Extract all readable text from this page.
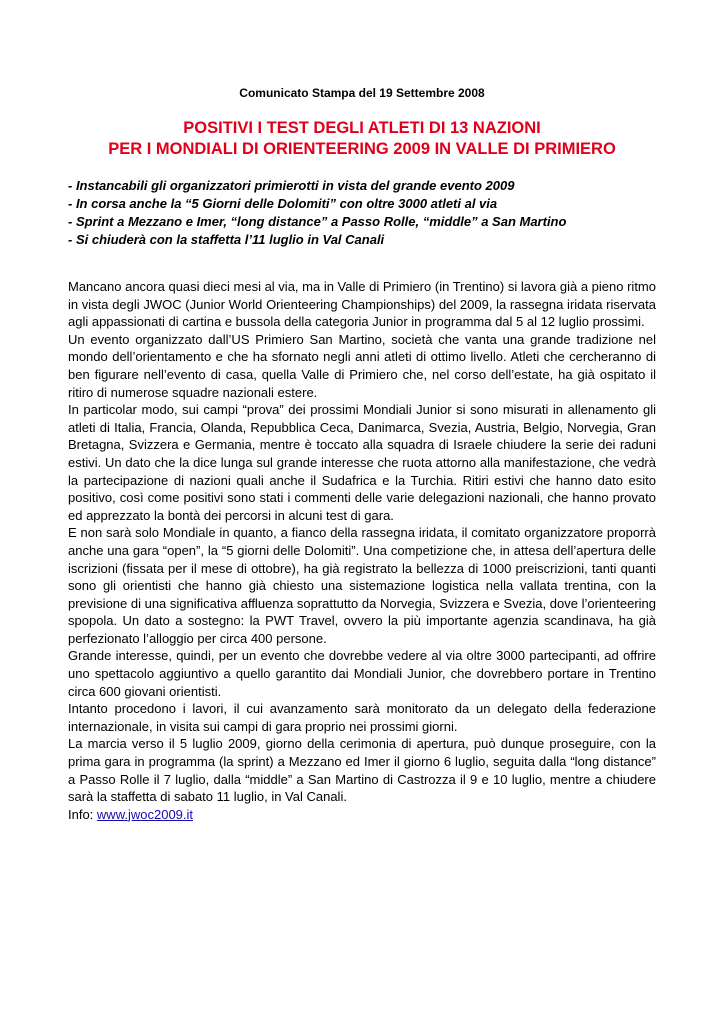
Comunicato Stampa del 19 Settembre 2008
POSITIVI I TEST DEGLI ATLETI DI 13 NAZIONI
PER I MONDIALI DI ORIENTEERING 2009 IN VALLE DI PRIMIERO
- Instancabili gli organizzatori primierotti in vista del grande evento 2009
- In corsa anche la “5 Giorni delle Dolomiti” con oltre 3000 atleti al via
- Sprint a Mezzano e Imer, “long distance” a Passo Rolle, “middle” a San Martino
- Si chiuderà con la staffetta l’11 luglio in Val Canali

Mancano ancora quasi dieci mesi al via, ma in Valle di Primiero (in Trentino) si lavora già a pieno ritmo in vista degli JWOC (Junior World Orienteering Championships) del 2009, la rassegna iridata riservata agli appassionati di cartina e bussola della categoria Junior in programma dal 5 al 12 luglio prossimi.

Un evento organizzato dall’US Primiero San Martino, società che vanta una grande tradizione nel mondo dell’orientamento e che ha sfornato negli anni atleti di ottimo livello. Atleti che cercheranno di ben figurare nell’evento di casa, quella Valle di Primiero che, nel corso dell’estate, ha già ospitato il ritiro di numerose squadre nazionali estere.

In particolar modo, sui campi “prova” dei prossimi Mondiali Junior si sono misurati in allenamento gli atleti di Italia, Francia, Olanda, Repubblica Ceca, Danimarca, Svezia, Austria, Belgio, Norvegia, Gran Bretagna, Svizzera e Germania, mentre è toccato alla squadra di Israele chiudere la serie dei raduni estivi. Un dato che la dice lunga sul grande interesse che ruota attorno alla manifestazione, che vedrà la partecipazione di nazioni quali anche il Sudafrica e la Turchia. Ritiri estivi che hanno dato esito positivo, così come positivi sono stati i commenti delle varie delegazioni nazionali, che hanno provato ed apprezzato la bontà dei percorsi in alcuni test di gara.

E non sarà solo Mondiale in quanto, a fianco della rassegna iridata, il comitato organizzatore proporrà anche una gara “open”, la “5 giorni delle Dolomiti”. Una competizione che, in attesa dell’apertura delle iscrizioni (fissata per il mese di ottobre), ha già registrato la bellezza di 1000 preiscrizioni, tanti quanti sono gli orientisti che hanno già chiesto una sistemazione logistica nella vallata trentina, con la previsione di una significativa affluenza soprattutto da Norvegia, Svizzera e Svezia, dove l’orienteering spopola. Un dato a sostegno: la PWT Travel, ovvero la più importante agenzia scandinava, ha già perfezionato l’alloggio per circa 400 persone.

Grande interesse, quindi, per un evento che dovrebbe vedere al via oltre 3000 partecipanti, ad offrire uno spettacolo aggiuntivo a quello garantito dai Mondiali Junior, che dovrebbero portare in Trentino circa 600 giovani orientisti.

Intanto procedono i lavori, il cui avanzamento sarà monitorato da un delegato della federazione internazionale, in visita sui campi di gara proprio nei prossimi giorni.

La marcia verso il 5 luglio 2009, giorno della cerimonia di apertura, può dunque proseguire, con la prima gara in programma (la sprint) a Mezzano ed Imer il giorno 6 luglio, seguita dalla “long distance” a Passo Rolle il 7 luglio, dalla “middle” a San Martino di Castrozza il 9 e 10 luglio, mentre a chiudere sarà la staffetta di sabato 11 luglio, in Val Canali.

Info: www.jwoc2009.it
